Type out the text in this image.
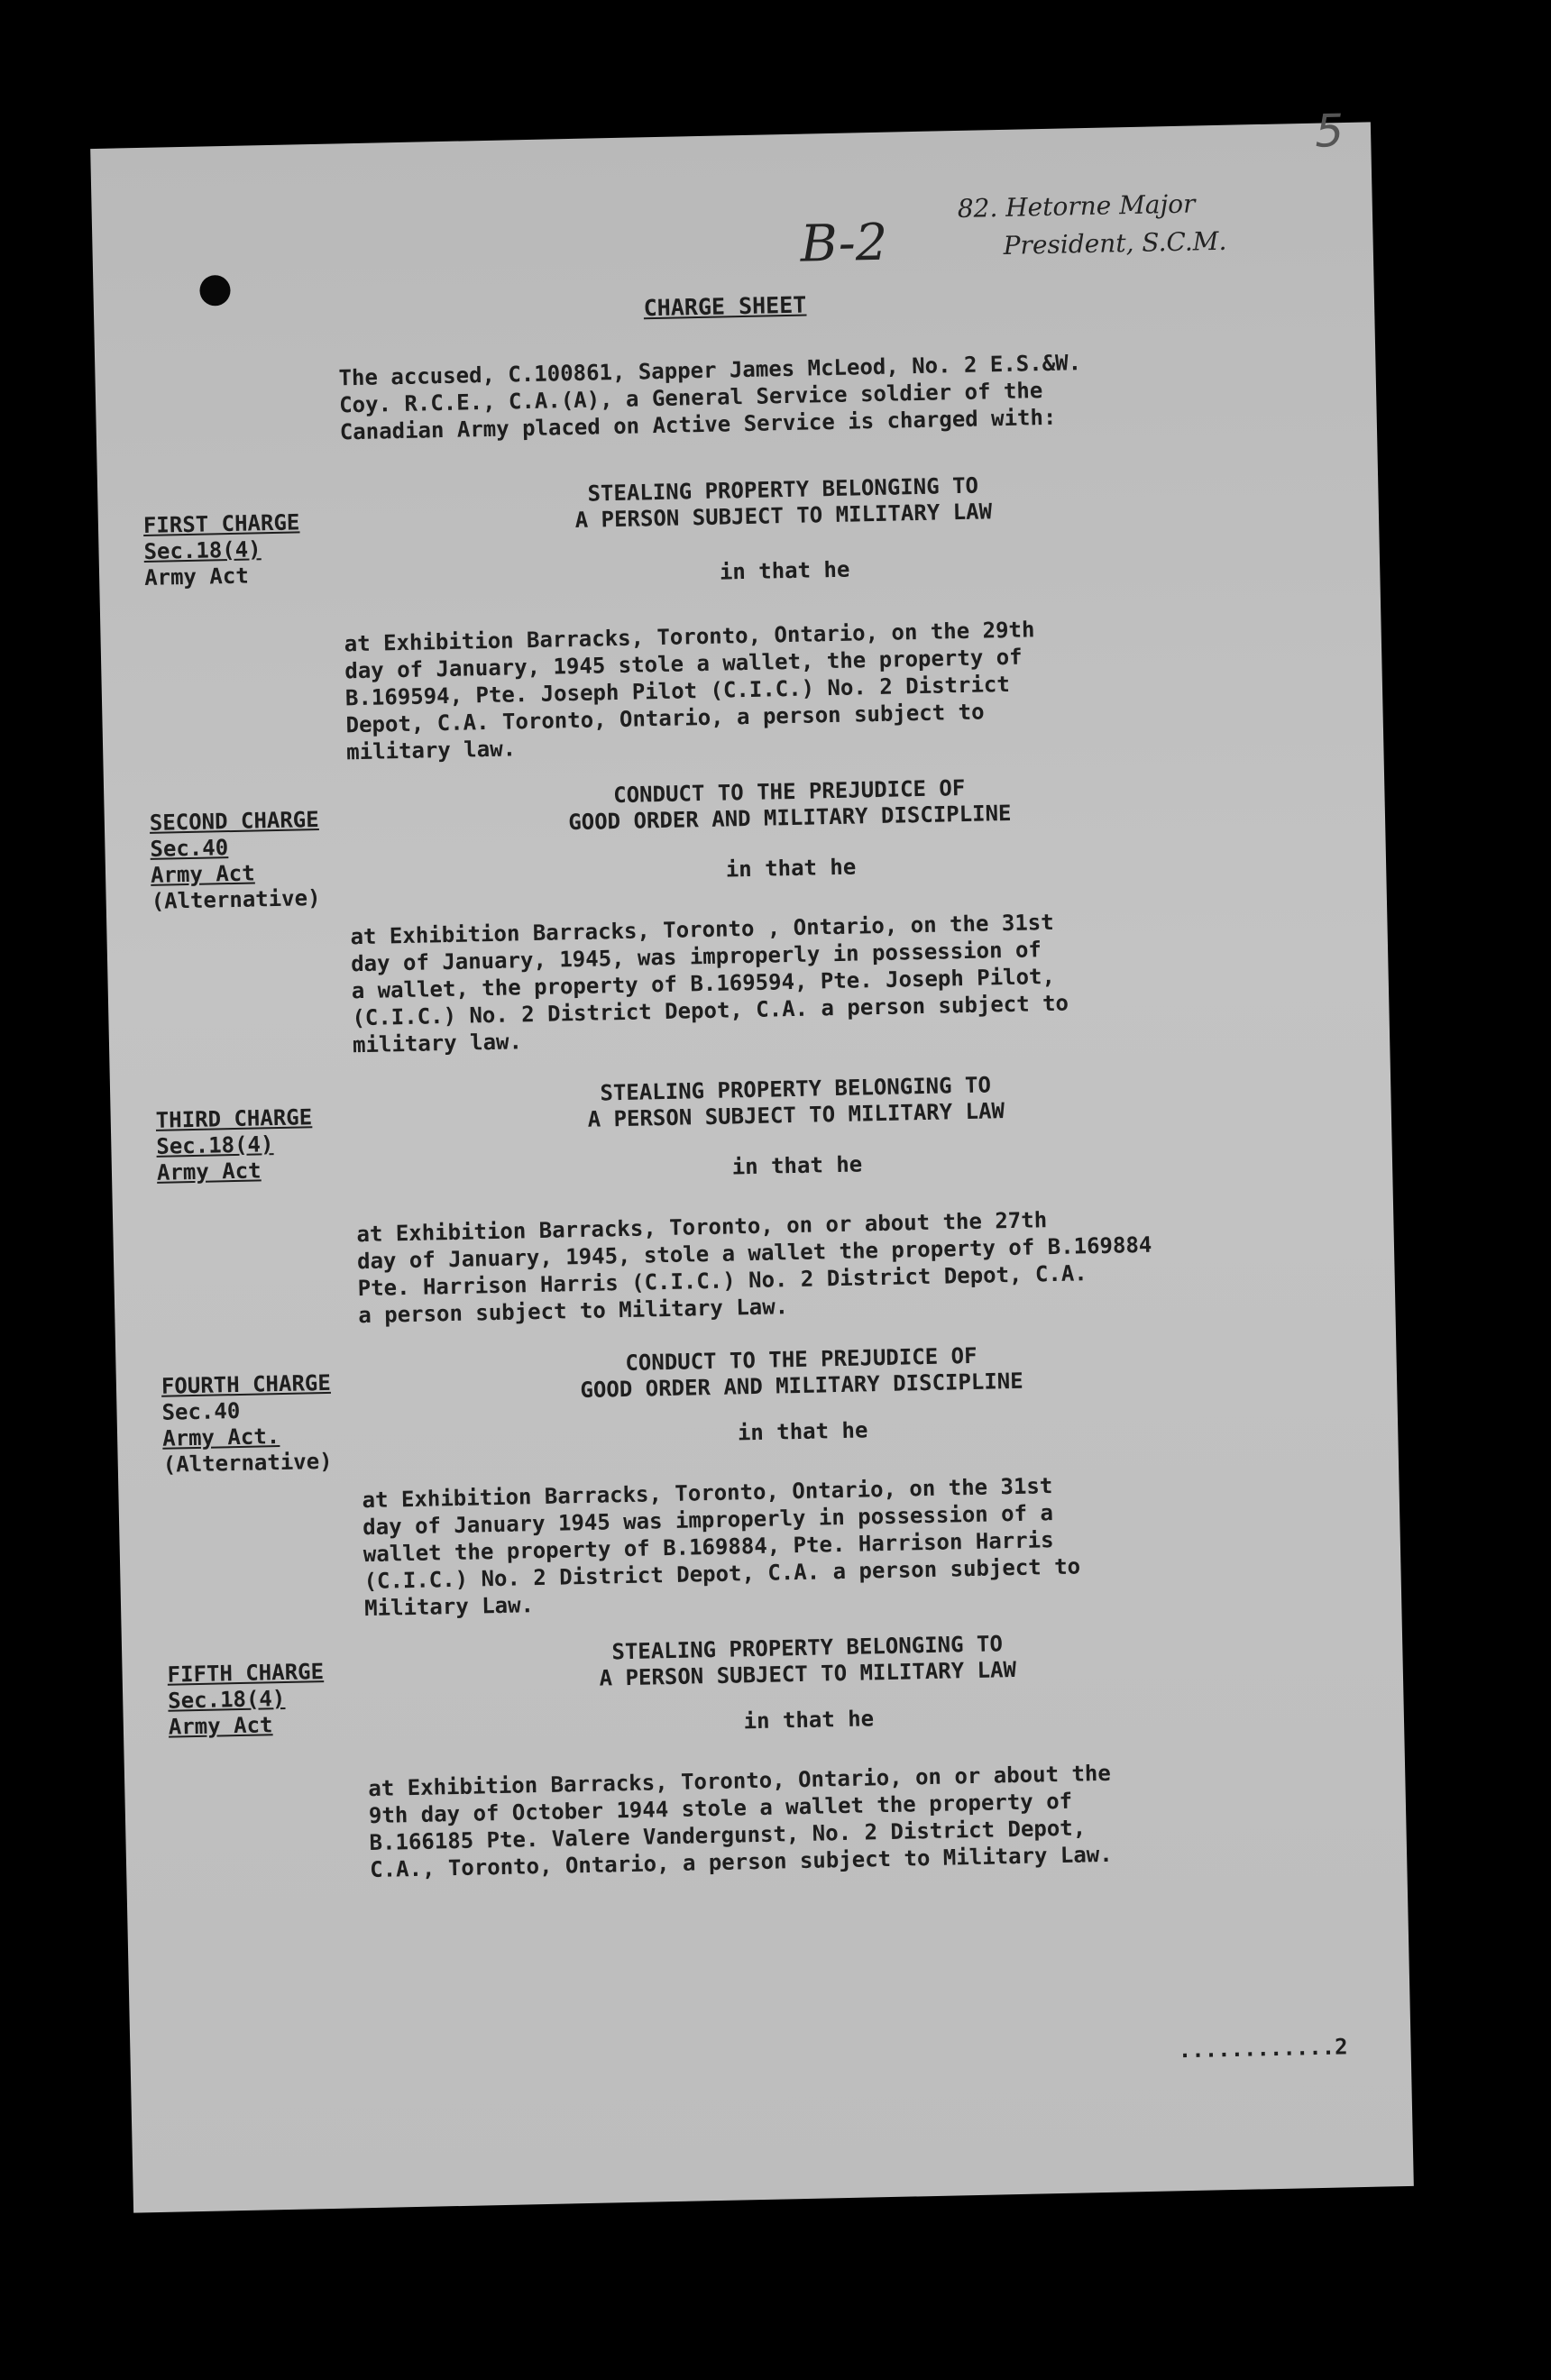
B-2
82. Hetorne Major
President, S.C.M.
5
CHARGE SHEET
The accused, C.100861, Sapper James McLeod, No. 2 E.S.&W.
Coy. R.C.E., C.A.(A), a General Service soldier of the
Canadian Army placed on Active Service is charged with:
FIRST CHARGE
Sec.18(4)
Army Act
STEALING PROPERTY BELONGING TO
A PERSON SUBJECT TO MILITARY LAW
in that he
at Exhibition Barracks, Toronto, Ontario, on the 29th
day of January, 1945 stole a wallet, the property of
B.169594, Pte. Joseph Pilot (C.I.C.) No. 2 District
Depot, C.A. Toronto, Ontario, a person subject to
military law.
SECOND CHARGE
Sec.40
Army Act
(Alternative)
CONDUCT TO THE PREJUDICE OF
GOOD ORDER AND MILITARY DISCIPLINE
in that he
at Exhibition Barracks, Toronto , Ontario, on the 31st
day of January, 1945, was improperly in possession of
a wallet, the property of B.169594, Pte. Joseph Pilot,
(C.I.C.) No. 2 District Depot, C.A. a person subject to
military law.
THIRD CHARGE
Sec.18(4)
Army Act
STEALING PROPERTY BELONGING TO
A PERSON SUBJECT TO MILITARY LAW
in that he
at Exhibition Barracks, Toronto, on or about the 27th
day of January, 1945, stole a wallet the property of B.169884
Pte. Harrison Harris (C.I.C.) No. 2 District Depot, C.A.
a person subject to Military Law.
FOURTH CHARGE
Sec.40
Army Act.
(Alternative)
CONDUCT TO THE PREJUDICE OF
GOOD ORDER AND MILITARY DISCIPLINE
in that he
at Exhibition Barracks, Toronto, Ontario, on the 31st
day of January 1945 was improperly in possession of a
wallet the property of B.169884, Pte. Harrison Harris
(C.I.C.) No. 2 District Depot, C.A. a person subject to
Military Law.
FIFTH CHARGE
Sec.18(4)
Army Act
STEALING PROPERTY BELONGING TO
A PERSON SUBJECT TO MILITARY LAW
in that he
at Exhibition Barracks, Toronto, Ontario, on or about the
9th day of October 1944 stole a wallet the property of
B.166185 Pte. Valere Vandergunst, No. 2 District Depot,
C.A., Toronto, Ontario, a person subject to Military Law.
............2
